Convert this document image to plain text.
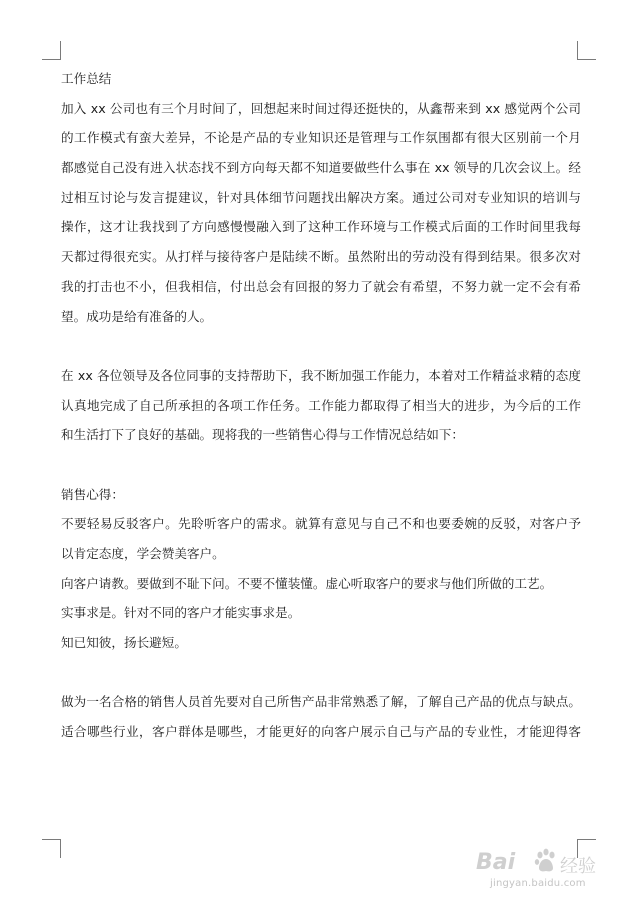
工作总结
加入 xx 公司也有三个月时间了，回想起来时间过得还挺快的，从鑫帮来到 xx 感觉两个公司
的工作模式有蛮大差异，不论是产品的专业知识还是管理与工作氛围都有很大区别前一个月
都感觉自己没有进入状态找不到方向每天都不知道要做些什么事在 xx 领导的几次会议上。经
过相互讨论与发言提建议，针对具体细节问题找出解决方案。通过公司对专业知识的培训与
操作，这才让我找到了方向感慢慢融入到了这种工作环境与工作模式后面的工作时间里我每
天都过得很充实。从打样与接待客户是陆续不断。虽然附出的劳动没有得到结果。很多次对
我的打击也不小，但我相信，付出总会有回报的努力了就会有希望，不努力就一定不会有希
望。成功是给有准备的人。
在 xx 各位领导及各位同事的支持帮助下，我不断加强工作能力，本着对工作精益求精的态度
认真地完成了自己所承担的各项工作任务。工作能力都取得了相当大的进步，为今后的工作
和生活打下了良好的基础。现将我的一些销售心得与工作情况总结如下：
销售心得：
不要轻易反驳客户。先聆听客户的需求。就算有意见与自己不和也要委婉的反驳，对客户予
以肯定态度，学会赞美客户。
向客户请教。要做到不耻下问。不要不懂装懂。虚心听取客户的要求与他们所做的工艺。
实事求是。针对不同的客户才能实事求是。
知已知彼，扬长避短。
做为一名合格的销售人员首先要对自己所售产品非常熟悉了解，了解自己产品的优点与缺点。
适合哪些行业，客户群体是哪些，才能更好的向客户展示自己与产品的专业性，才能迎得客
Bai 经验
jingyan.baidu.com
